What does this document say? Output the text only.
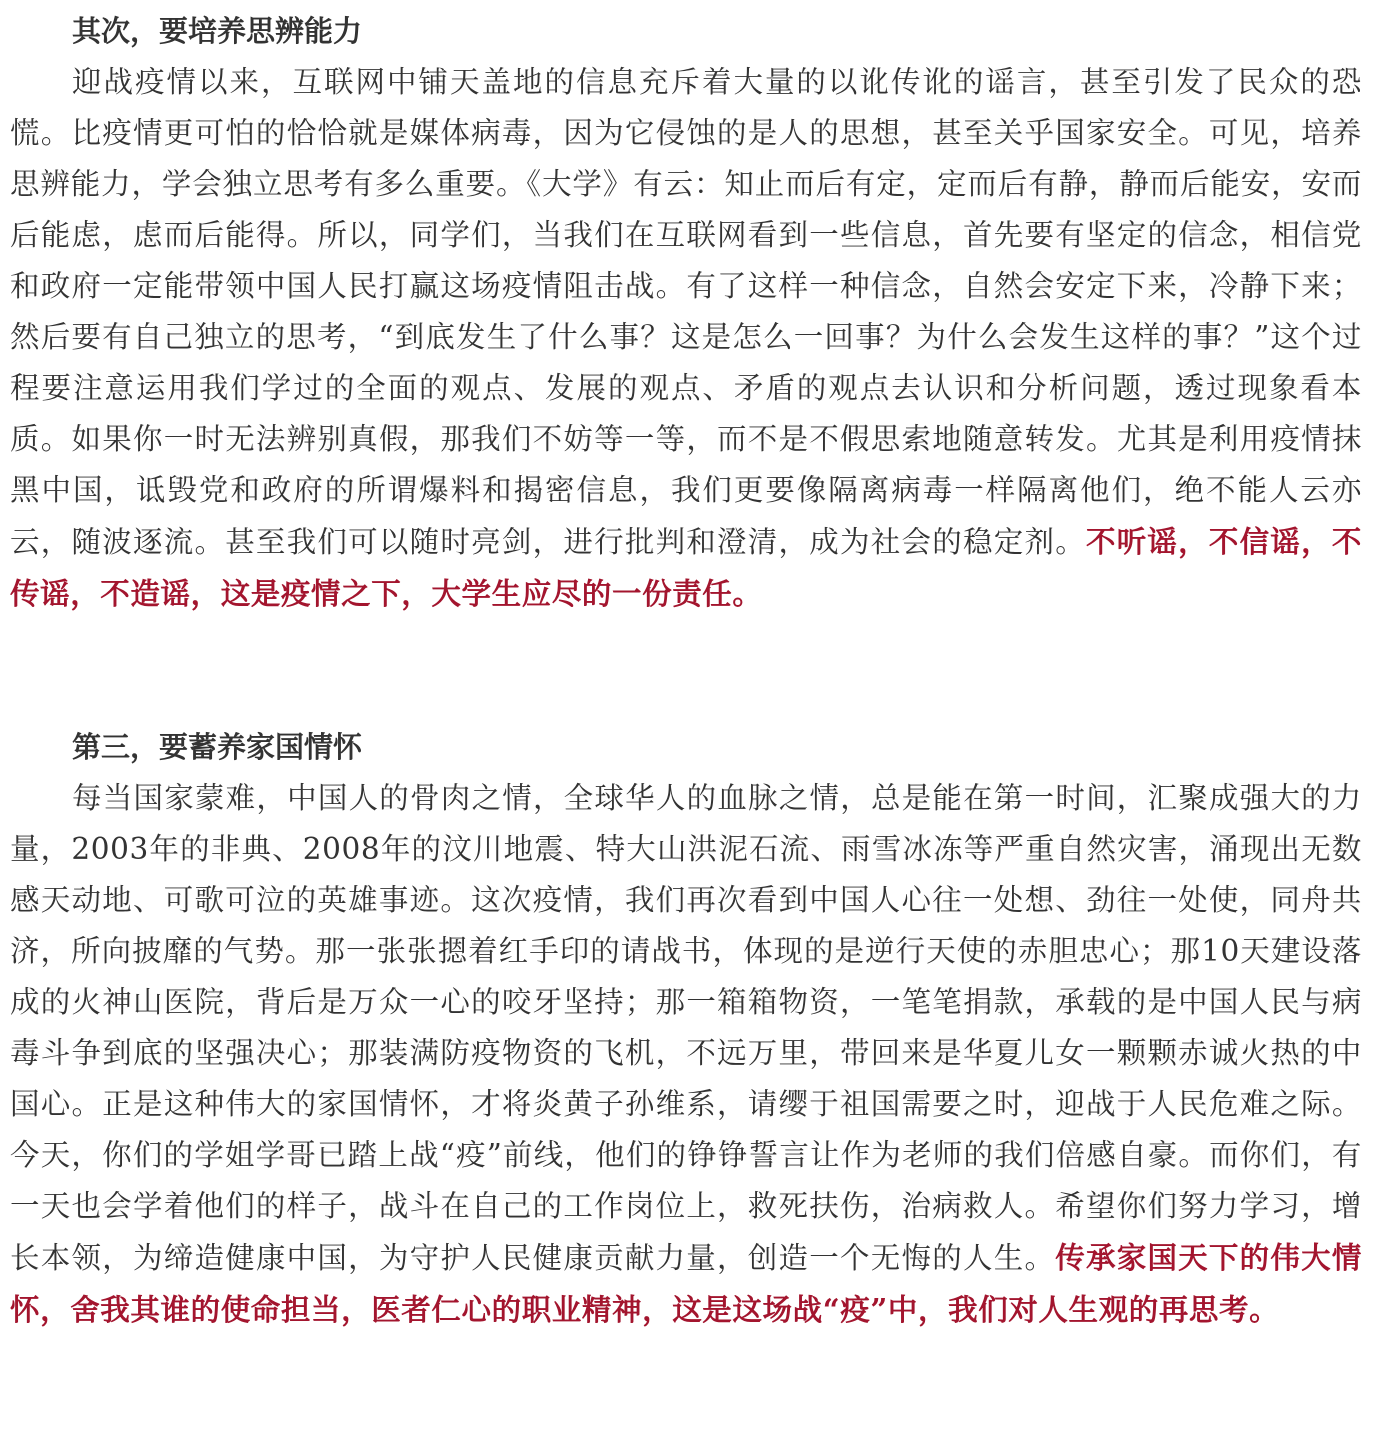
其次，要培养思辨能力

迎战疫情以来，互联网中铺天盖地的信息充斥着大量的以讹传讹的谣言，甚至引发了民众的恐慌。比疫情更可怕的恰恰就是媒体病毒，因为它侵蚀的是人的思想，甚至关乎国家安全。可见，培养思辨能力，学会独立思考有多么重要。《大学》有云：知止而后有定，定而后有静，静而后能安，安而后能虑，虑而后能得。所以，同学们，当我们在互联网看到一些信息，首先要有坚定的信念，相信党和政府一定能带领中国人民打赢这场疫情阻击战。有了这样一种信念，自然会安定下来，冷静下来；然后要有自己独立的思考，“到底发生了什么事？这是怎么一回事？为什么会发生这样的事？”这个过程要注意运用我们学过的全面的观点、发展的观点、矛盾的观点去认识和分析问题，透过现象看本质。如果你一时无法辨别真假，那我们不妨等一等，而不是不假思索地随意转发。尤其是利用疫情抹黑中国，诋毁党和政府的所谓爆料和揭密信息，我们更要像隔离病毒一样隔离他们，绝不能人云亦云，随波逐流。甚至我们可以随时亮剑，进行批判和澄清，成为社会的稳定剂。不听谣，不信谣，不传谣，不造谣，这是疫情之下，大学生应尽的一份责任。

第三，要蓄养家国情怀

每当国家蒙难，中国人的骨肉之情，全球华人的血脉之情，总是能在第一时间，汇聚成强大的力量，2003年的非典、2008年的汶川地震、特大山洪泥石流、雨雪冰冻等严重自然灾害，涌现出无数感天动地、可歌可泣的英雄事迹。这次疫情，我们再次看到中国人心往一处想、劲往一处使，同舟共济，所向披靡的气势。那一张张摁着红手印的请战书，体现的是逆行天使的赤胆忠心；那10天建设落成的火神山医院，背后是万众一心的咬牙坚持；那一箱箱物资，一笔笔捐款，承载的是中国人民与病毒斗争到底的坚强决心；那装满防疫物资的飞机，不远万里，带回来是华夏儿女一颗颗赤诚火热的中国心。正是这种伟大的家国情怀，才将炎黄子孙维系，请缨于祖国需要之时，迎战于人民危难之际。今天，你们的学姐学哥已踏上战“疫”前线，他们的铮铮誓言让作为老师的我们倍感自豪。而你们，有一天也会学着他们的样子，战斗在自己的工作岗位上，救死扶伤，治病救人。希望你们努力学习，增长本领，为缔造健康中国，为守护人民健康贡献力量，创造一个无悔的人生。传承家国天下的伟大情怀，舍我其谁的使命担当，医者仁心的职业精神，这是这场战“疫”中，我们对人生观的再思考。
